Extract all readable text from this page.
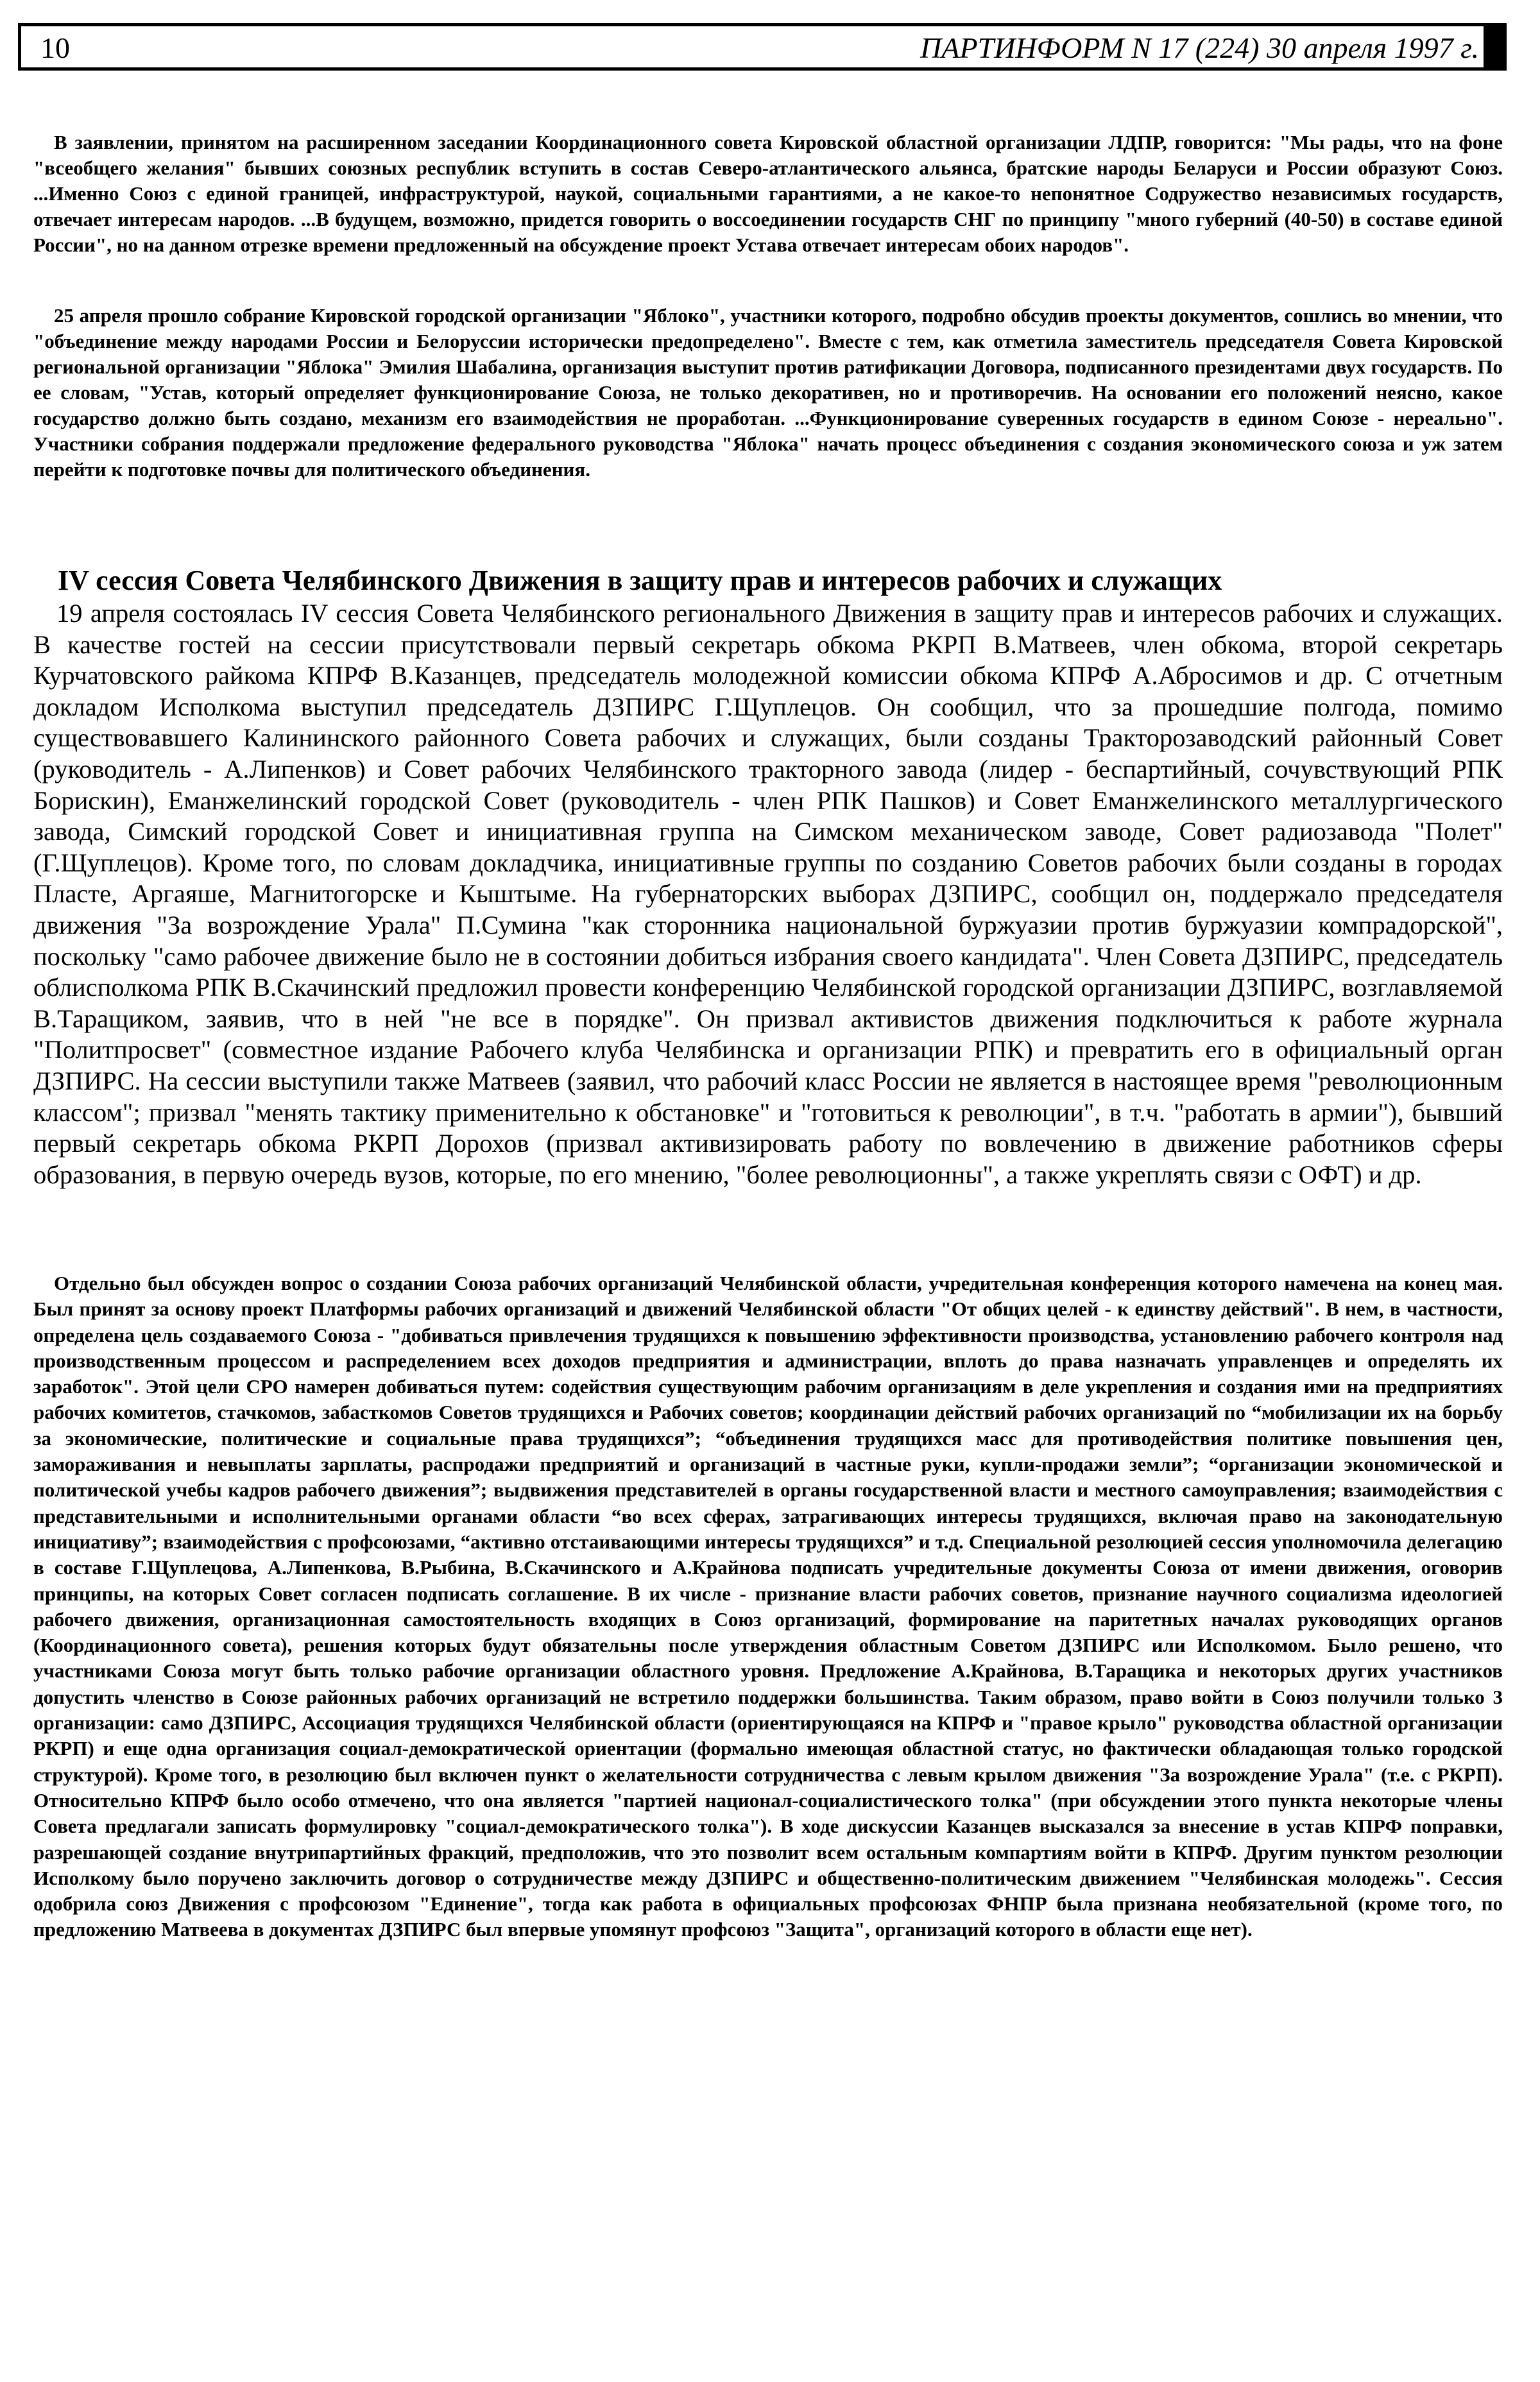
10	ПАРТИНФОРМ N 17 (224) 30 апреля 1997 г.

В заявлении, принятом на расширенном заседании Координационного совета Кировской областной организации ЛДПР, говорится: "Мы рады, что на фоне "всеобщего желания" бывших союзных республик вступить в состав Северо-атлантического альянса, братские народы Беларуси и России образуют Союз. ...Именно Союз с единой границей, инфраструктурой, наукой, социальными гарантиями, а не какое-то непонятное Содружество независимых государств, отвечает интересам народов. ...В будущем, возможно, придется говорить о воссоединении государств СНГ по принципу "много губерний (40-50) в составе единой России", но на данном отрезке времени предложенный на обсуждение проект Устава отвечает интересам обоих народов".

25 апреля прошло собрание Кировской городской организации "Яблоко", участники которого, подробно обсудив проекты документов, сошлись во мнении, что "объединение между народами России и Белоруссии исторически предопределено". Вместе с тем, как отметила заместитель председателя Совета Кировской региональной организации "Яблока" Эмилия Шабалина, организация выступит против ратификации Договора, подписанного президентами двух государств. По ее словам, "Устав, который определяет функционирование Союза, не только декоративен, но и противоречив. На основании его положений неясно, какое государство должно быть создано, механизм его взаимодействия не проработан. ...Функционирование суверенных государств в едином Союзе - нереально". Участники собрания поддержали предложение федерального руководства "Яблока" начать процесс объединения с создания экономического союза и уж затем перейти к подготовке почвы для политического объединения.

IV сессия Совета Челябинского Движения в защиту прав и интересов рабочих и служащих

19 апреля состоялась IV сессия Совета Челябинского регионального Движения в защиту прав и интересов рабочих и служащих. В качестве гостей на сессии присутствовали первый секретарь обкома РКРП В.Матвеев, член обкома, второй секретарь Курчатовского райкома КПРФ В.Казанцев, председатель молодежной комиссии обкома КПРФ А.Абросимов и др. С отчетным докладом Исполкома выступил председатель ДЗПИРС Г.Щуплецов. Он сообщил, что за прошедшие полгода, помимо существовавшего Калининского районного Совета рабочих и служащих, были созданы Тракторозаводский районный Совет (руководитель - А.Липенков) и Совет рабочих Челябинского тракторного завода (лидер - беспартийный, сочувствующий РПК Борискин), Еманжелинский городской Совет (руководитель - член РПК Пашков) и Совет Еманжелинского металлургического завода, Симский городской Совет и инициативная группа на Симском механическом заводе, Совет радиозавода "Полет" (Г.Щуплецов). Кроме того, по словам докладчика, инициативные группы по созданию Советов рабочих были созданы в городах Пласте, Аргаяше, Магнитогорске и Кыштыме. На губернаторских выборах ДЗПИРС, сообщил он, поддержало председателя движения "За возрождение Урала" П.Сумина "как сторонника национальной буржуазии против буржуазии компрадорской", поскольку "само рабочее движение было не в состоянии добиться избрания своего кандидата". Член Совета ДЗПИРС, председатель облисполкома РПК В.Скачинский предложил провести конференцию Челябинской городской организации ДЗПИРС, возглавляемой В.Таращиком, заявив, что в ней "не все в порядке". Он призвал активистов движения подключиться к работе журнала "Политпросвет" (совместное издание Рабочего клуба Челябинска и организации РПК) и превратить его в официальный орган ДЗПИРС. На сессии выступили также Матвеев (заявил, что рабочий класс России не является в настоящее время "революционным классом"; призвал "менять тактику применительно к обстановке" и "готовиться к революции", в т.ч. "работать в армии"), бывший первый секретарь обкома РКРП Дорохов (призвал активизировать работу по вовлечению в движение работников сферы образования, в первую очередь вузов, которые, по его мнению, "более революционны", а также укреплять связи с ОФТ) и др.

Отдельно был обсужден вопрос о создании Союза рабочих организаций Челябинской области, учредительная конференция которого намечена на конец мая. Был принят за основу проект Платформы рабочих организаций и движений Челябинской области "От общих целей - к единству действий". В нем, в частности, определена цель создаваемого Союза - "добиваться привлечения трудящихся к повышению эффективности производства, установлению рабочего контроля над производственным процессом и распределением всех доходов предприятия и администрации, вплоть до права назначать управленцев и определять их заработок". Этой цели СРО намерен добиваться путем: содействия существующим рабочим организациям в деле укрепления и создания ими на предприятиях рабочих комитетов, стачкомов, забасткомов Советов трудящихся и Рабочих советов; координации действий рабочих организаций по “мобилизации их на борьбу за экономические, политические и социальные права трудящихся”; “объединения трудящихся масс для противодействия политике повышения цен, замораживания и невыплаты зарплаты, распродажи предприятий и организаций в частные руки, купли-продажи земли”; “организации экономической и политической учебы кадров рабочего движения”; выдвижения представителей в органы государственной власти и местного самоуправления; взаимодействия с представительными и исполнительными органами области “во всех сферах, затрагивающих интересы трудящихся, включая право на законодательную инициативу”; взаимодействия с профсоюзами, “активно отстаивающими интересы трудящихся” и т.д. Специальной резолюцией сессия уполномочила делегацию в составе Г.Щуплецова, А.Липенкова, В.Рыбина, В.Скачинского и А.Крайнова подписать учредительные документы Союза от имени движения, оговорив принципы, на которых Совет согласен подписать соглашение. В их числе - признание власти рабочих советов, признание научного социализма идеологией рабочего движения, организационная самостоятельность входящих в Союз организаций, формирование на паритетных началах руководящих органов (Координационного совета), решения которых будут обязательны после утверждения областным Советом ДЗПИРС или Исполкомом. Было решено, что участниками Союза могут быть только рабочие организации областного уровня. Предложение А.Крайнова, В.Таращика и некоторых других участников допустить членство в Союзе районных рабочих организаций не встретило поддержки большинства. Таким образом, право войти в Союз получили только 3 организации: само ДЗПИРС, Ассоциация трудящихся Челябинской области (ориентирующаяся на КПРФ и "правое крыло" руководства областной организации РКРП) и еще одна организация социал-демократической ориентации (формально имеющая областной статус, но фактически обладающая только городской структурой). Кроме того, в резолюцию был включен пункт о желательности сотрудничества с левым крылом движения "За возрождение Урала" (т.е. с РКРП). Относительно КПРФ было особо отмечено, что она является "партией национал-социалистического толка" (при обсуждении этого пункта некоторые члены Совета предлагали записать формулировку "социал-демократического толка"). В ходе дискуссии Казанцев высказался за внесение в устав КПРФ поправки, разрешающей создание внутрипартийных фракций, предположив, что это позволит всем остальным компартиям войти в КПРФ. Другим пунктом резолюции Исполкому было поручено заключить договор о сотрудничестве между ДЗПИРС и общественно-политическим движением "Челябинская молодежь". Сессия одобрила союз Движения с профсоюзом "Единение", тогда как работа в официальных профсоюзах ФНПР была признана необязательной (кроме того, по предложению Матвеева в документах ДЗПИРС был впервые упомянут профсоюз "Защита", организаций которого в области еще нет).
